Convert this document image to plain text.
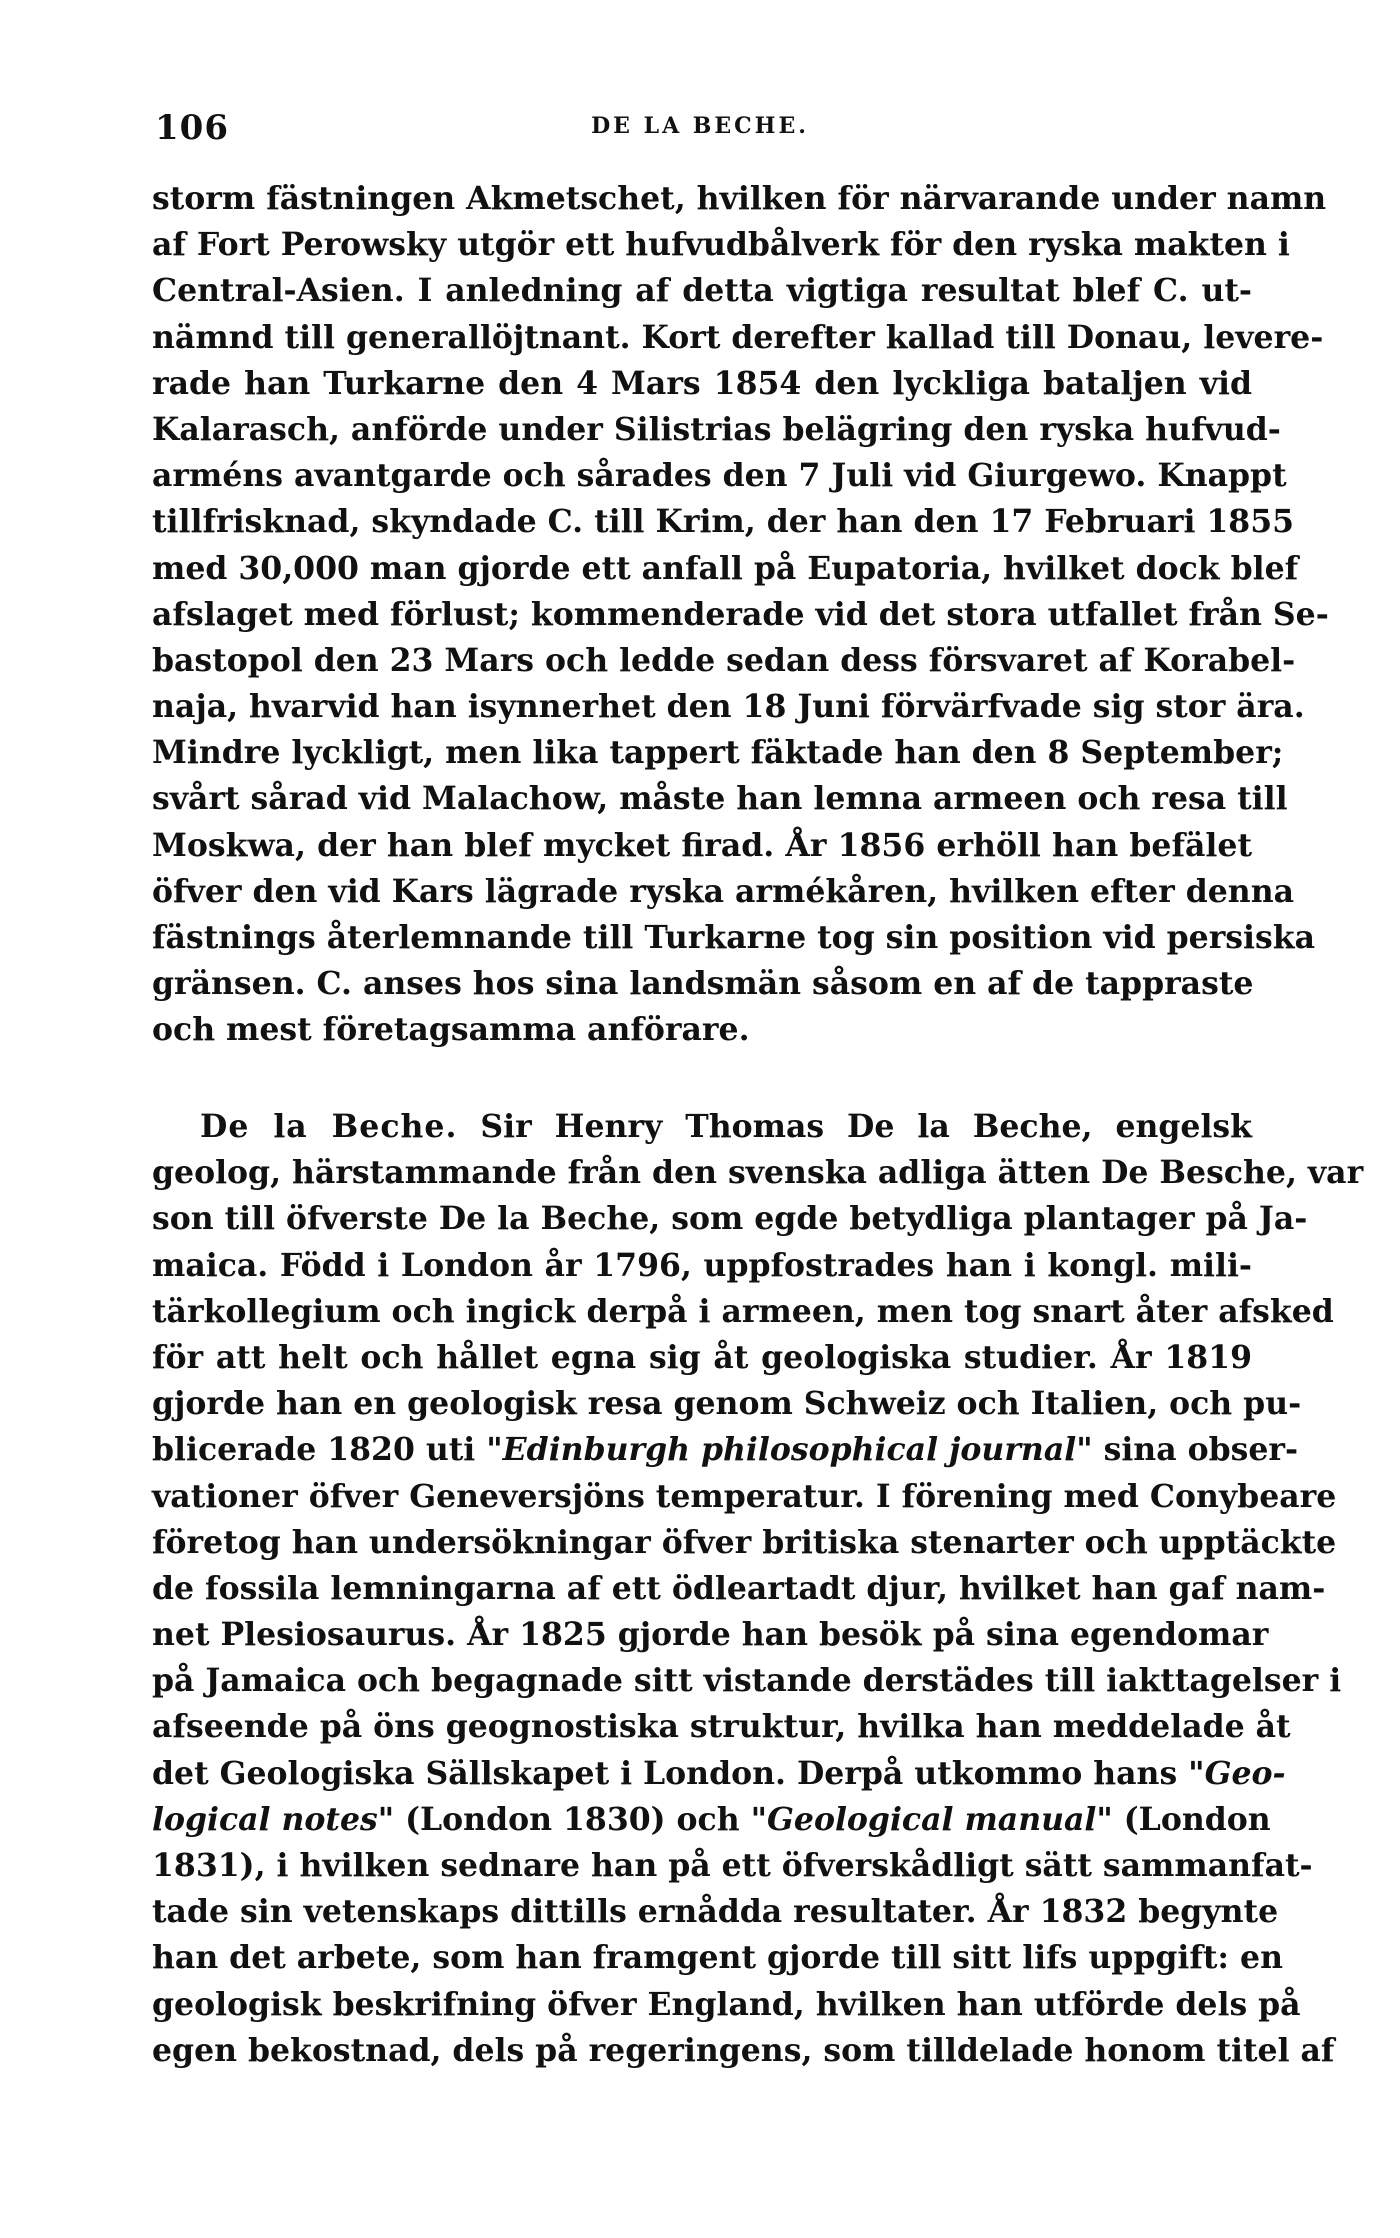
106	DE LA BECHE.
storm fästningen Akmetschet, hvilken för närvarande under namn
af Fort Perowsky utgör ett hufvudbålverk för den ryska makten i
Central-Asien. I anledning af detta vigtiga resultat blef C. ut-
nämnd till generallöjtnant. Kort derefter kallad till Donau, levere-
rade han Turkarne den 4 Mars 1854 den lyckliga bataljen vid
Kalarasch, anförde under Silistrias belägring den ryska hufvud-
arméns avantgarde och sårades den 7 Juli vid Giurgewo. Knappt
tillfrisknad, skyndade C. till Krim, der han den 17 Februari 1855
med 30,000 man gjorde ett anfall på Eupatoria, hvilket dock blef
afslaget med förlust; kommenderade vid det stora utfallet från Se-
bastopol den 23 Mars och ledde sedan dess försvaret af Korabel-
naja, hvarvid han isynnerhet den 18 Juni förvärfvade sig stor ära.
Mindre lyckligt, men lika tappert fäktade han den 8 September;
svårt sårad vid Malachow, måste han lemna armeen och resa till
Moskwa, der han blef mycket firad. År 1856 erhöll han befälet
öfver den vid Kars lägrade ryska armékåren, hvilken efter denna
fästnings återlemnande till Turkarne tog sin position vid persiska
gränsen. C. anses hos sina landsmän såsom en af de tappraste
och mest företagsamma anförare.
De la Beche. Sir Henry Thomas De la Beche, engelsk
geolog, härstammande från den svenska adliga ätten De Besche, var
son till öfverste De la Beche, som egde betydliga plantager på Ja-
maica. Född i London år 1796, uppfostrades han i kongl. mili-
tärkollegium och ingick derpå i armeen, men tog snart åter afsked
för att helt och hållet egna sig åt geologiska studier. År 1819
gjorde han en geologisk resa genom Schweiz och Italien, och pu-
blicerade 1820 uti "Edinburgh philosophical journal" sina obser-
vationer öfver Geneversjöns temperatur. I förening med Conybeare
företog han undersökningar öfver britiska stenarter och upptäckte
de fossila lemningarna af ett ödleartadt djur, hvilket han gaf nam-
net Plesiosaurus. År 1825 gjorde han besök på sina egendomar
på Jamaica och begagnade sitt vistande derstädes till iakttagelser i
afseende på öns geognostiska struktur, hvilka han meddelade åt
det Geologiska Sällskapet i London. Derpå utkommo hans "Geo-
logical notes" (London 1830) och "Geological manual" (London
1831), i hvilken sednare han på ett öfverskådligt sätt sammanfat-
tade sin vetenskaps dittills ernådda resultater. År 1832 begynte
han det arbete, som han framgent gjorde till sitt lifs uppgift: en
geologisk beskrifning öfver England, hvilken han utförde dels på
egen bekostnad, dels på regeringens, som tilldelade honom titel af
